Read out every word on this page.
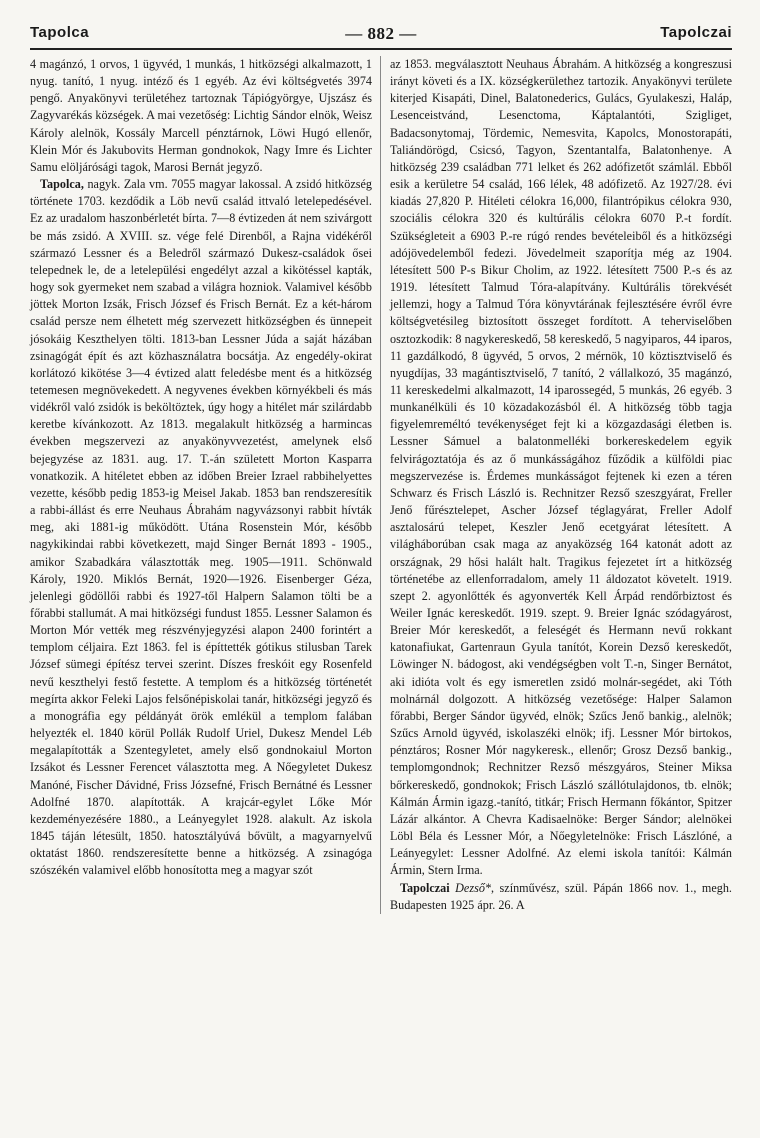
Tapolca	— 882 —	Tapolczai

4 magánzó, 1 orvos, 1 ügyvéd, 1 munkás, 1 hitközségi alkalmazott, 1 nyug. tanító, 1 nyug. intéző és 1 egyéb. Az évi költségvetés 3974 pengő. Anyakönyvi területéhez tartoznak Tápiógyörgye, Ujszász és Zagyvarékás községek. A mai vezetőség: Lichtig Sándor elnök, Weisz Károly alelnök, Kossály Marcell pénztárnok, Löwi Hugó ellenőr, Klein Mór és Jakubovits Herman gondnokok, Nagy Imre és Lichter Samu elöljárósági tagok, Marosi Bernát jegyző.

Tapolca, nagyk. Zala vm. 7055 magyar lakossal. A zsidó hitközség története 1703. kezdődik a Löb nevű család ittvaló letelepedésével. Ez az uradalom haszonbérletét bírta. 7—8 évtizeden át nem szivárgott be más zsidó. A XVIII. sz. vége felé Direnből, a Rajna vidékéről származó Lessner és a Beledről származó Dukesz-családok ősei telepednek le, de a letelepülési engedélyt azzal a kikötéssel kapták, hogy sok gyermeket nem szabad a világra hozniok. Valamivel később jöttek Morton Izsák, Frisch József és Frisch Bernát. Ez a két-három család persze nem élhetett még szervezett hitközségben és ünnepeit jósokáig Keszthelyen tölti. 1813-ban Lessner Júda a saját házában zsinagógát épít és azt közhasználatra bocsátja. Az engedély-okirat korlátozó kikötése 3—4 évtized alatt feledésbe ment és a hitközség tetemesen megnövekedett. A negyvenes években környékbeli és más vidékről való zsidók is beköltöztek, úgy hogy a hitélet már szilárdabb keretbe kívánkozott. Az 1813. megalakult hitközség a harmincas években megszervezi az anyakönyvvezetést, amelynek első bejegyzése az 1831. aug. 17. T.-án született Morton Kasparra vonatkozik. A hitéletet ebben az időben Breier Izrael rabbihelyettes vezette, később pedig 1853-ig Meisel Jakab. 1853 ban rendszeresítik a rabbi-állást és erre Neuhaus Ábrahám nagyvázsonyi rabbit hívták meg, aki 1881-ig működött. Utána Rosenstein Mór, később nagykikindai rabbi következett, majd Singer Bernát 1893 - 1905., amikor Szabadkára választották meg. 1905—1911. Schönwald Károly, 1920. Miklós Bernát, 1920—1926. Eisenberger Géza, jelenlegi gödöllői rabbi és 1927-től Halpern Salamon tölti be a főrabbi stallumát. A mai hitközségi fundust 1855. Lessner Salamon és Morton Mór vették meg részvényjegyzési alapon 2400 forintért a templom céljaira. Ezt 1863. fel is építtették gótikus stilusban Tarek József sümegi építész tervei szerint. Díszes freskóit egy Rosenfeld nevű keszthelyi festő festette. A templom és a hitközség történetét megírta akkor Feleki Lajos felsőnépiskolai tanár, hitközségi jegyző és a monográfia egy példányát örök emlékül a templom falában helyezték el. 1840 körül Pollák Rudolf Uriel, Dukesz Mendel Léb megalapították a Szentegyletet, amely első gondnokaiul Morton Izsákot és Lessner Ferencet választotta meg. A Nőegyletet Dukesz Manóné, Fischer Dávidné, Friss Józsefné, Frisch Bernátné és Lessner Adolfné 1870. alapították. A krajcár-egylet Lőke Mór kezdeményezésére 1880., a Leányegylet 1928. alakult. Az iskola 1845 táján létesült, 1850. hatosztályúvá bővült, a magyarnyelvű oktatást 1860. rendszeresítette benne a hitközség. A zsinagóga szószékén valamivel előbb honosította meg a magyar szót

az 1853. megválasztott Neuhaus Ábrahám. A hitközség a kongreszusi irányt követi és a IX. községkerülethez tartozik. Anyakönyvi területe kiterjed Kisapáti, Dinel, Balatonederics, Gulács, Gyulakeszi, Haláp, Lesenceistvánd, Lesenctoma, Káptalantóti, Szigliget, Badacsonytomaj, Tördemic, Nemesvita, Kapolcs, Monostorapáti, Taliándörögd, Csicsó, Tagyon, Szentantalfa, Balatonhenye. A hitközség 239 családban 771 lelket és 262 adófizetőt számlál. Ebből esik a kerületre 54 család, 166 lélek, 48 adófizető. Az 1927/28. évi kiadás 27,820 P. Hitéleti célokra 16,000, filantrópikus célokra 930, szociális célokra 320 és kultúrális célokra 6070 P.-t fordít. Szükségleteit a 6903 P.-re rúgó rendes bevételeiből és a hitközségi adójövedelemből fedezi. Jövedelmeit szaporítja még az 1904. létesített 500 P-s Bikur Cholim, az 1922. létesített 7500 P.-s és az 1919. létesített Talmud Tóra-alapítvány. Kultúrális törekvését jellemzi, hogy a Talmud Tóra könyvtárának fejlesztésére évről évre költségvetésileg biztosított összeget fordított. A teherviselőben osztozkodik: 8 nagykereskedő, 58 kereskedő, 5 nagyiparos, 44 iparos, 11 gazdálkodó, 8 ügyvéd, 5 orvos, 2 mérnök, 10 köztisztviselő és nyugdíjas, 33 magántisztviselő, 7 tanító, 2 vállalkozó, 35 magánzó, 11 kereskedelmi alkalmazott, 14 iparossegéd, 5 munkás, 26 egyéb. 3 munkanélküli és 10 közadakozásból él. A hitközség több tagja figyelemreméltó tevékenységet fejt ki a közgazdasági életben is. Lessner Sámuel a balatonmelléki borkereskedelem egyik felvirágoztatója és az ő munkásságához fűződik a külföldi piac megszervezése is. Érdemes munkásságot fejtenek ki ezen a téren Schwarz és Frisch László is. Rechnitzer Rezső szeszgyárat, Freller Jenő fűrésztelepet, Ascher József téglagyárat, Freller Adolf asztalosárú telepet, Keszler Jenő ecetgyárat létesített. A világháborúban csak maga az anyaközség 164 katonát adott az országnak, 29 hősi halált halt. Tragikus fejezetet írt a hitközség történetébe az ellenforradalom, amely 11 áldozatot követelt. 1919. szept 2. agyonlőtték és agyonverték Kell Árpád rendőrbiztost és Weiler Ignác kereskedőt. 1919. szept. 9. Breier Ignác szódagyárost, Breier Mór kereskedőt, a feleségét és Hermann nevű rokkant katonafiukat, Gartenraun Gyula tanítót, Korein Dezső kereskedőt, Löwinger N. bádogost, aki vendégségben volt T.-n, Singer Bernátot, aki idióta volt és egy ismeretlen zsidó molnár-segédet, aki Tóth molnárnál dolgozott. A hitközség vezetősége: Halper Salamon főrabbi, Berger Sándor ügyvéd, elnök; Szűcs Jenő bankig., alelnök; Szűcs Arnold ügyvéd, iskolaszéki elnök; ifj. Lessner Mór birtokos, pénztáros; Rosner Mór nagykeresk., ellenőr; Grosz Dezső bankig., templomgondnok; Rechnitzer Rezső mészgyáros, Steiner Miksa bőrkereskedő, gondnokok; Frisch László szállótulajdonos, tb. elnök; Kálmán Ármin igazg.-tanító, titkár; Frisch Hermann főkántor, Spitzer Lázár alkántor. A Chevra Kadisaelnöke: Berger Sándor; alelnökei Löbl Béla és Lessner Mór, a Nőegyletelnöke: Frisch Lászlóné, a Leányegylet: Lessner Adolfné. Az elemi iskola tanítói: Kálmán Ármin, Stern Irma.

Tapolczai Dezső*, színművész, szül. Pápán 1866 nov. 1., megh. Budapesten 1925 ápr. 26. A
